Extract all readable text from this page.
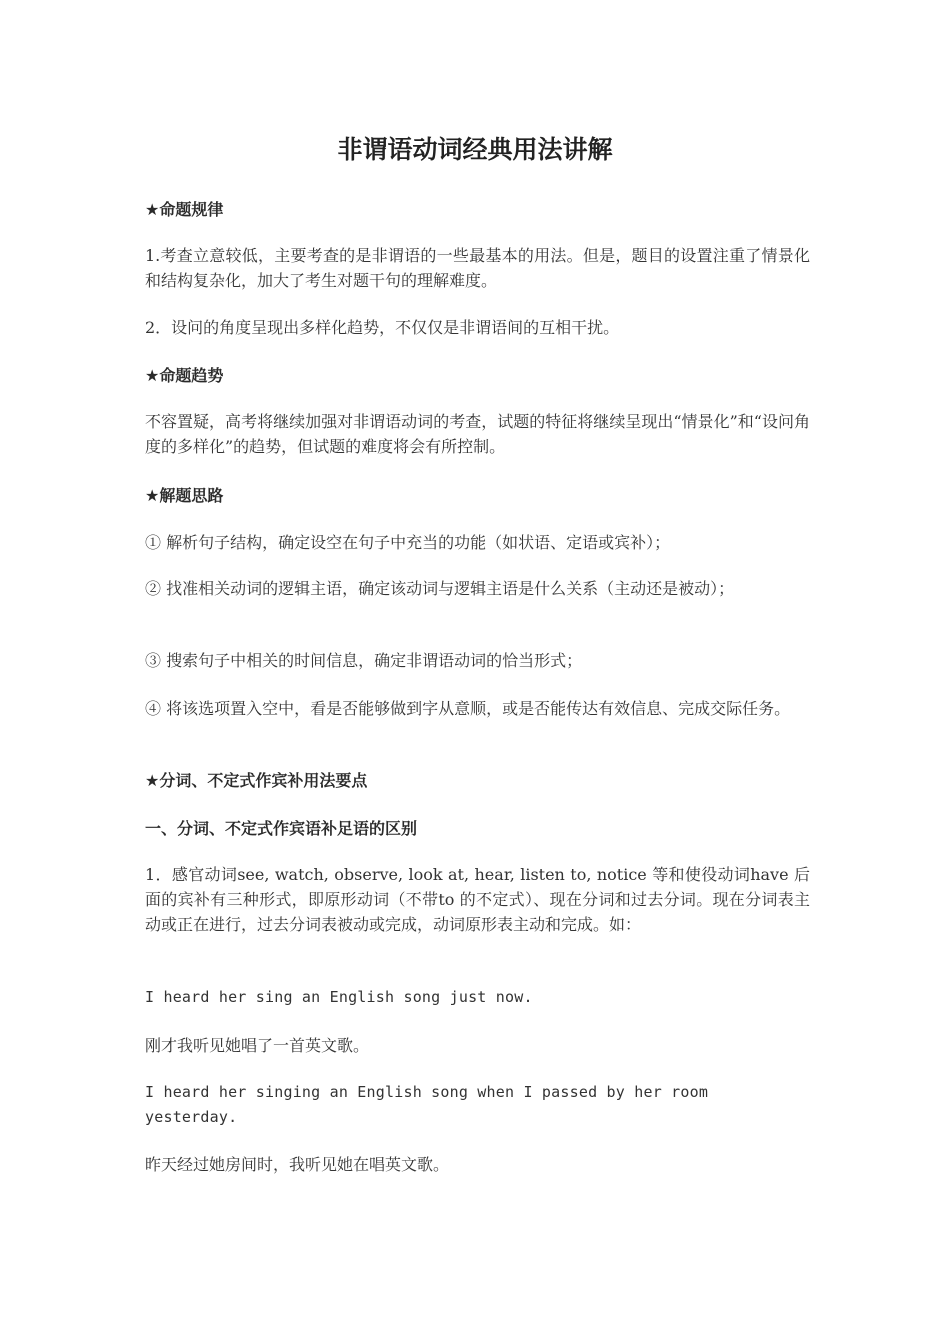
非谓语动词经典用法讲解

★命题规律

1.考查立意较低，主要考查的是非谓语的一些最基本的用法。但是，题目的设置注重了情景化和结构复杂化，加大了考生对题干句的理解难度。

2．设问的角度呈现出多样化趋势，不仅仅是非谓语间的互相干扰。

★命题趋势

不容置疑，高考将继续加强对非谓语动词的考查，试题的特征将继续呈现出“情景化”和“设问角度的多样化”的趋势，但试题的难度将会有所控制。

★解题思路

① 解析句子结构，确定设空在句子中充当的功能（如状语、定语或宾补）；

② 找准相关动词的逻辑主语，确定该动词与逻辑主语是什么关系（主动还是被动）；

③ 搜索句子中相关的时间信息，确定非谓语动词的恰当形式；

④ 将该选项置入空中，看是否能够做到字从意顺，或是否能传达有效信息、完成交际任务。

★分词、不定式作宾补用法要点

一、分词、不定式作宾语补足语的区别

1．感官动词see, watch, observe, look at, hear, listen to, notice 等和使役动词have 后面的宾补有三种形式，即原形动词（不带to 的不定式）、现在分词和过去分词。现在分词表主动或正在进行，过去分词表被动或完成，动词原形表主动和完成。如：

I heard her sing an English song just now.

刚才我听见她唱了一首英文歌。

I heard her singing an English song when I passed by her room yesterday.

昨天经过她房间时，我听见她在唱英文歌。
